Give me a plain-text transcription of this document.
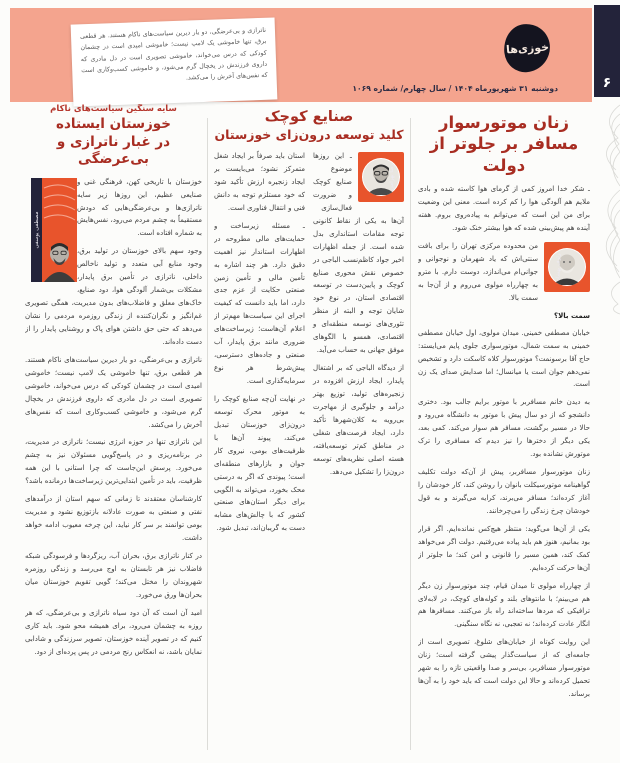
ناترازی و بی‌عرضگی، دو یار دیرین سیاست‌های ناکام هستند. هر قطعی برق، تنها خاموشی یک لامپ نیست؛ خاموشی امیدی است در چشمان کودکی که درس می‌خواند، خاموشی تصویری است در دل مادری که داروی فرزندش در یخچال گرم می‌شود، و خاموشی کسب‌وکاری است که نفس‌های آخرش را می‌کشد.

خوزی‌ها
دوشنبه ۳۱ شهریورماه ۱۴۰۴ / سال چهارم/ شماره ۱۰۶۹	۶
زنان موتورسوار
مسافر بر جلوتر از دولت

ـ شکر خدا امروز کمی از گرمای هوا کاسته شده و بادی ملایم هم آلودگی هوا را کم کرده است. معنی این وضعیت برای من این است که می‌توانم به پیاده‌روی بروم. هفته آینده هم پیش‌بینی شده که هوا بیشتر خنک شود.

رئوف بهشاد

من محدوده مرکزی تهران را برای بافت سنتی‌اش که یاد شهرمان و نوجوانی و جوانی‌ام می‌اندازد، دوست دارم. با مترو به چهارراه مولوی می‌روم و از آن‌جا به سمت بالا.

سمت بالا؟

خیابان مصطفی خمینی. میدان مولوی، اول خیابان مصطفی خمینی به سمت شمال، موتورسواری جلوی پایم می‌ایستد: حاج آقا برسونمت؟ موتورسوار کلاه کاسکت دارد و تشخیص نمی‌دهم جوان است یا میانسال؛ اما صدایش صدای یک زن است.

به دیدن خانم مسافربر با موتور برایم جالب بود. دختری دانشجو که از دو سال پیش با موتور به دانشگاه می‌رود و حالا در مسیر برگشت، مسافر هم سوار می‌کند. کمی بعد، یکی دیگر از دخترها را نیز دیدم که مسافری را ترک موتورش نشانده بود.

زنان موتورسوار مسافربر، پیش از آن‌که دولت تکلیف گواهینامه موتورسیکلت بانوان را روشن کند، کار خودشان را آغاز کرده‌اند؛ مسافر می‌برند، کرایه می‌گیرند و به قول خودشان چرخ زندگی را می‌چرخانند.

یکی از آن‌ها می‌گوید: منتظر هیچ‌کس نمانده‌ایم. اگر قرار بود بمانیم، هنوز هم باید پیاده می‌رفتیم. دولت اگر می‌خواهد کمک کند، همین مسیر را قانونی و امن کند؛ ما جلوتر از آن‌ها حرکت کرده‌ایم.

از چهارراه مولوی تا میدان قیام، چند موتورسوار زن دیگر هم می‌بینم؛ با مانتوهای بلند و کوله‌های کوچک، در لابه‌لای ترافیکی که مردها ساخته‌اند راه باز می‌کنند. مسافرها هم انگار عادت کرده‌اند؛ نه تعجبی، نه نگاه سنگینی.

این روایت کوتاه از خیابان‌های شلوغ، تصویری است از جامعه‌ای که از سیاست‌گذار پیشی گرفته است؛ زنان موتورسوار مسافربر، بی‌سر و صدا واقعیتی تازه را به شهر تحمیل کرده‌اند و حالا این دولت است که باید خود را به آن‌ها برساند.

صنایع کوچک
کلید توسعه درون‌زای خوزستان
رضا بهرامی

ـ این روزها موضوع صنایع کوچک و ضرورت فعال‌سازی آن‌ها به یکی از نقاط کانونی توجه مقامات استانداری بدل شده است. از جمله اظهارات اخیر جواد کاظم‌نسب الباجی در خصوص نقش محوری صنایع کوچک و پایین‌دست در توسعه اقتصادی استان، در نوع خود شایان توجه و البته از منظر تئوری‌های توسعه منطقه‌ای و اقتصادی، همسو با الگوهای موفق جهانی به حساب می‌آید.

از دیدگاه الباجی که بر اشتغال پایدار، ایجاد ارزش افزوده در زنجیره‌های تولید، توزیع بهتر درآمد و جلوگیری از مهاجرت بی‌رویه به کلان‌شهرها تأکید دارد، ایجاد فرصت‌های شغلی در مناطق کم‌تر توسعه‌یافته، هسته اصلی نظریه‌های توسعه درون‌زا را تشکیل می‌دهد.

استان باید صرفاً بر ایجاد شغل متمرکز نشود؛ می‌بایست بر ایجاد زنجیره ارزش تأکید شود که خود مستلزم توجه به دانش فنی و انتقال فناوری است.

ـ مسئله زیرساخت و حمایت‌های مالی مطروحه در اظهارات استاندار نیز اهمیت دقیق دارد. هر چند اشاره به تأمین مالی و تأمین زمین صنعتی حکایت از عزم جدی دارد، اما باید دانست که کیفیت اجرای این سیاست‌ها مهم‌تر از اعلام آن‌هاست؛ زیرساخت‌های ضروری مانند برق پایدار، آب صنعتی و جاده‌های دسترسی، پیش‌شرط هر نوع سرمایه‌گذاری است.

در نهایت آن‌چه صنایع کوچک را به موتور محرک توسعه درون‌زای خوزستان تبدیل می‌کند، پیوند آن‌ها با ظرفیت‌های بومی، نیروی کار جوان و بازارهای منطقه‌ای است؛ پیوندی که اگر به درستی محک بخورد، می‌تواند به الگویی برای دیگر استان‌های صنعتی کشور که با چالش‌های مشابه دست به گریبان‌اند، تبدیل شود.

سایه سنگین سیاست‌های ناکام

خوزستان ایستاده
در غبار ناترازی و بی‌عرضگی
مصطفی یوسفی

خوزستان با تاریخی کهن، فرهنگی غنی و صنایعی عظیم، این روزها زیر سایه ناترازی‌ها و بی‌عرضگی‌هایی که دودش مستقیماً به چشم مردم می‌رود، نفس‌هایش به شماره افتاده است.

وجود سهم بالای خوزستان در تولید برق، وجود منابع آبی متعدد و تولید ناخالص داخلی، ناترازی در تأمین برق پایدار، مشکلات بی‌شمار آلودگی هوا، دود صنایع، خاک‌های معلق و فاضلاب‌های بدون مدیریت، همگی تصویری غم‌انگیز و نگران‌کننده از زندگی روزمره مردمی را نشان می‌دهد که حتی حق داشتن هوای پاک و روشنایی پایدار را از دست داده‌اند.

ناترازی و بی‌عرضگی، دو یار دیرین سیاست‌های ناکام هستند. هر قطعی برق، تنها خاموشی یک لامپ نیست؛ خاموشی امیدی است در چشمان کودکی که درس می‌خواند، خاموشی تصویری است در دل مادری که داروی فرزندش در یخچال گرم می‌شود، و خاموشی کسب‌وکاری است که نفس‌های آخرش را می‌کشد.

این ناترازی تنها در حوزه انرژی نیست؛ ناترازی در مدیریت، در برنامه‌ریزی و در پاسخ‌گویی مسئولان نیز به چشم می‌خورد. پرسش این‌جاست که چرا استانی با این همه ظرفیت، باید در تأمین ابتدایی‌ترین زیرساخت‌ها درمانده باشد؟

کارشناسان معتقدند تا زمانی که سهم استان از درآمدهای نفتی و صنعتی به صورت عادلانه بازتوزیع نشود و مدیریت بومی توانمند بر سر کار نیاید، این چرخه معیوب ادامه خواهد داشت.

در کنار ناترازی برق، بحران آب، ریزگردها و فرسودگی شبکه فاضلاب نیز هر تابستان به اوج می‌رسد و زندگی روزمره شهروندان را مختل می‌کند؛ گویی تقویم خوزستان میان بحران‌ها ورق می‌خورد.

امید آن است که آن دود سیاه ناترازی و بی‌عرضگی، که هر روزه به چشمان می‌رود، برای همیشه محو شود. باید کاری کنیم که در تصویر آینده خوزستان، تصویر سرزندگی و شادابی نمایان باشد، نه انعکاس رنج مردمی در پس پرده‌ای از دود.
